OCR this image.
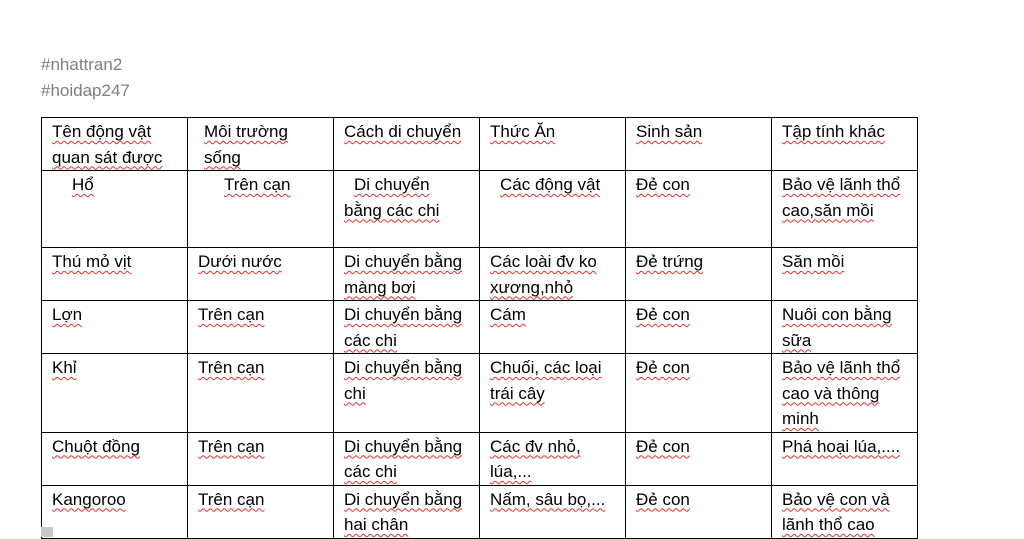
#nhattran2
#hoidap247
Tên động vật quan sát được	Môi trường sống	Cách di chuyển	Thức Ăn	Sinh sản	Tập tính khác
Hổ	Trên cạn	Di chuyển bằng các chi	Các động vật	Đẻ con	Bảo vệ lãnh thổ cao,săn mồi
Thú mỏ vịt	Dưới nước	Di chuyển bằng màng bơi	Các loài đv ko xương,nhỏ	Đẻ trứng	Săn mồi
Lợn	Trên cạn	Di chuyển bằng các chi	Cám	Đẻ con	Nuôi con bằng sữa
Khỉ	Trên cạn	Di chuyển bằng chi	Chuối, các loại trái cây	Đẻ con	Bảo vệ lãnh thổ cao và thông minh
Chuột đồng	Trên cạn	Di chuyển bằng các chi	Các đv nhỏ, lúa,...	Đẻ con	Phá hoại lúa,....
Kangoroo	Trên cạn	Di chuyển bằng hai chân	Nấm, sâu bọ,...	Đẻ con	Bảo vệ con và lãnh thổ cao
